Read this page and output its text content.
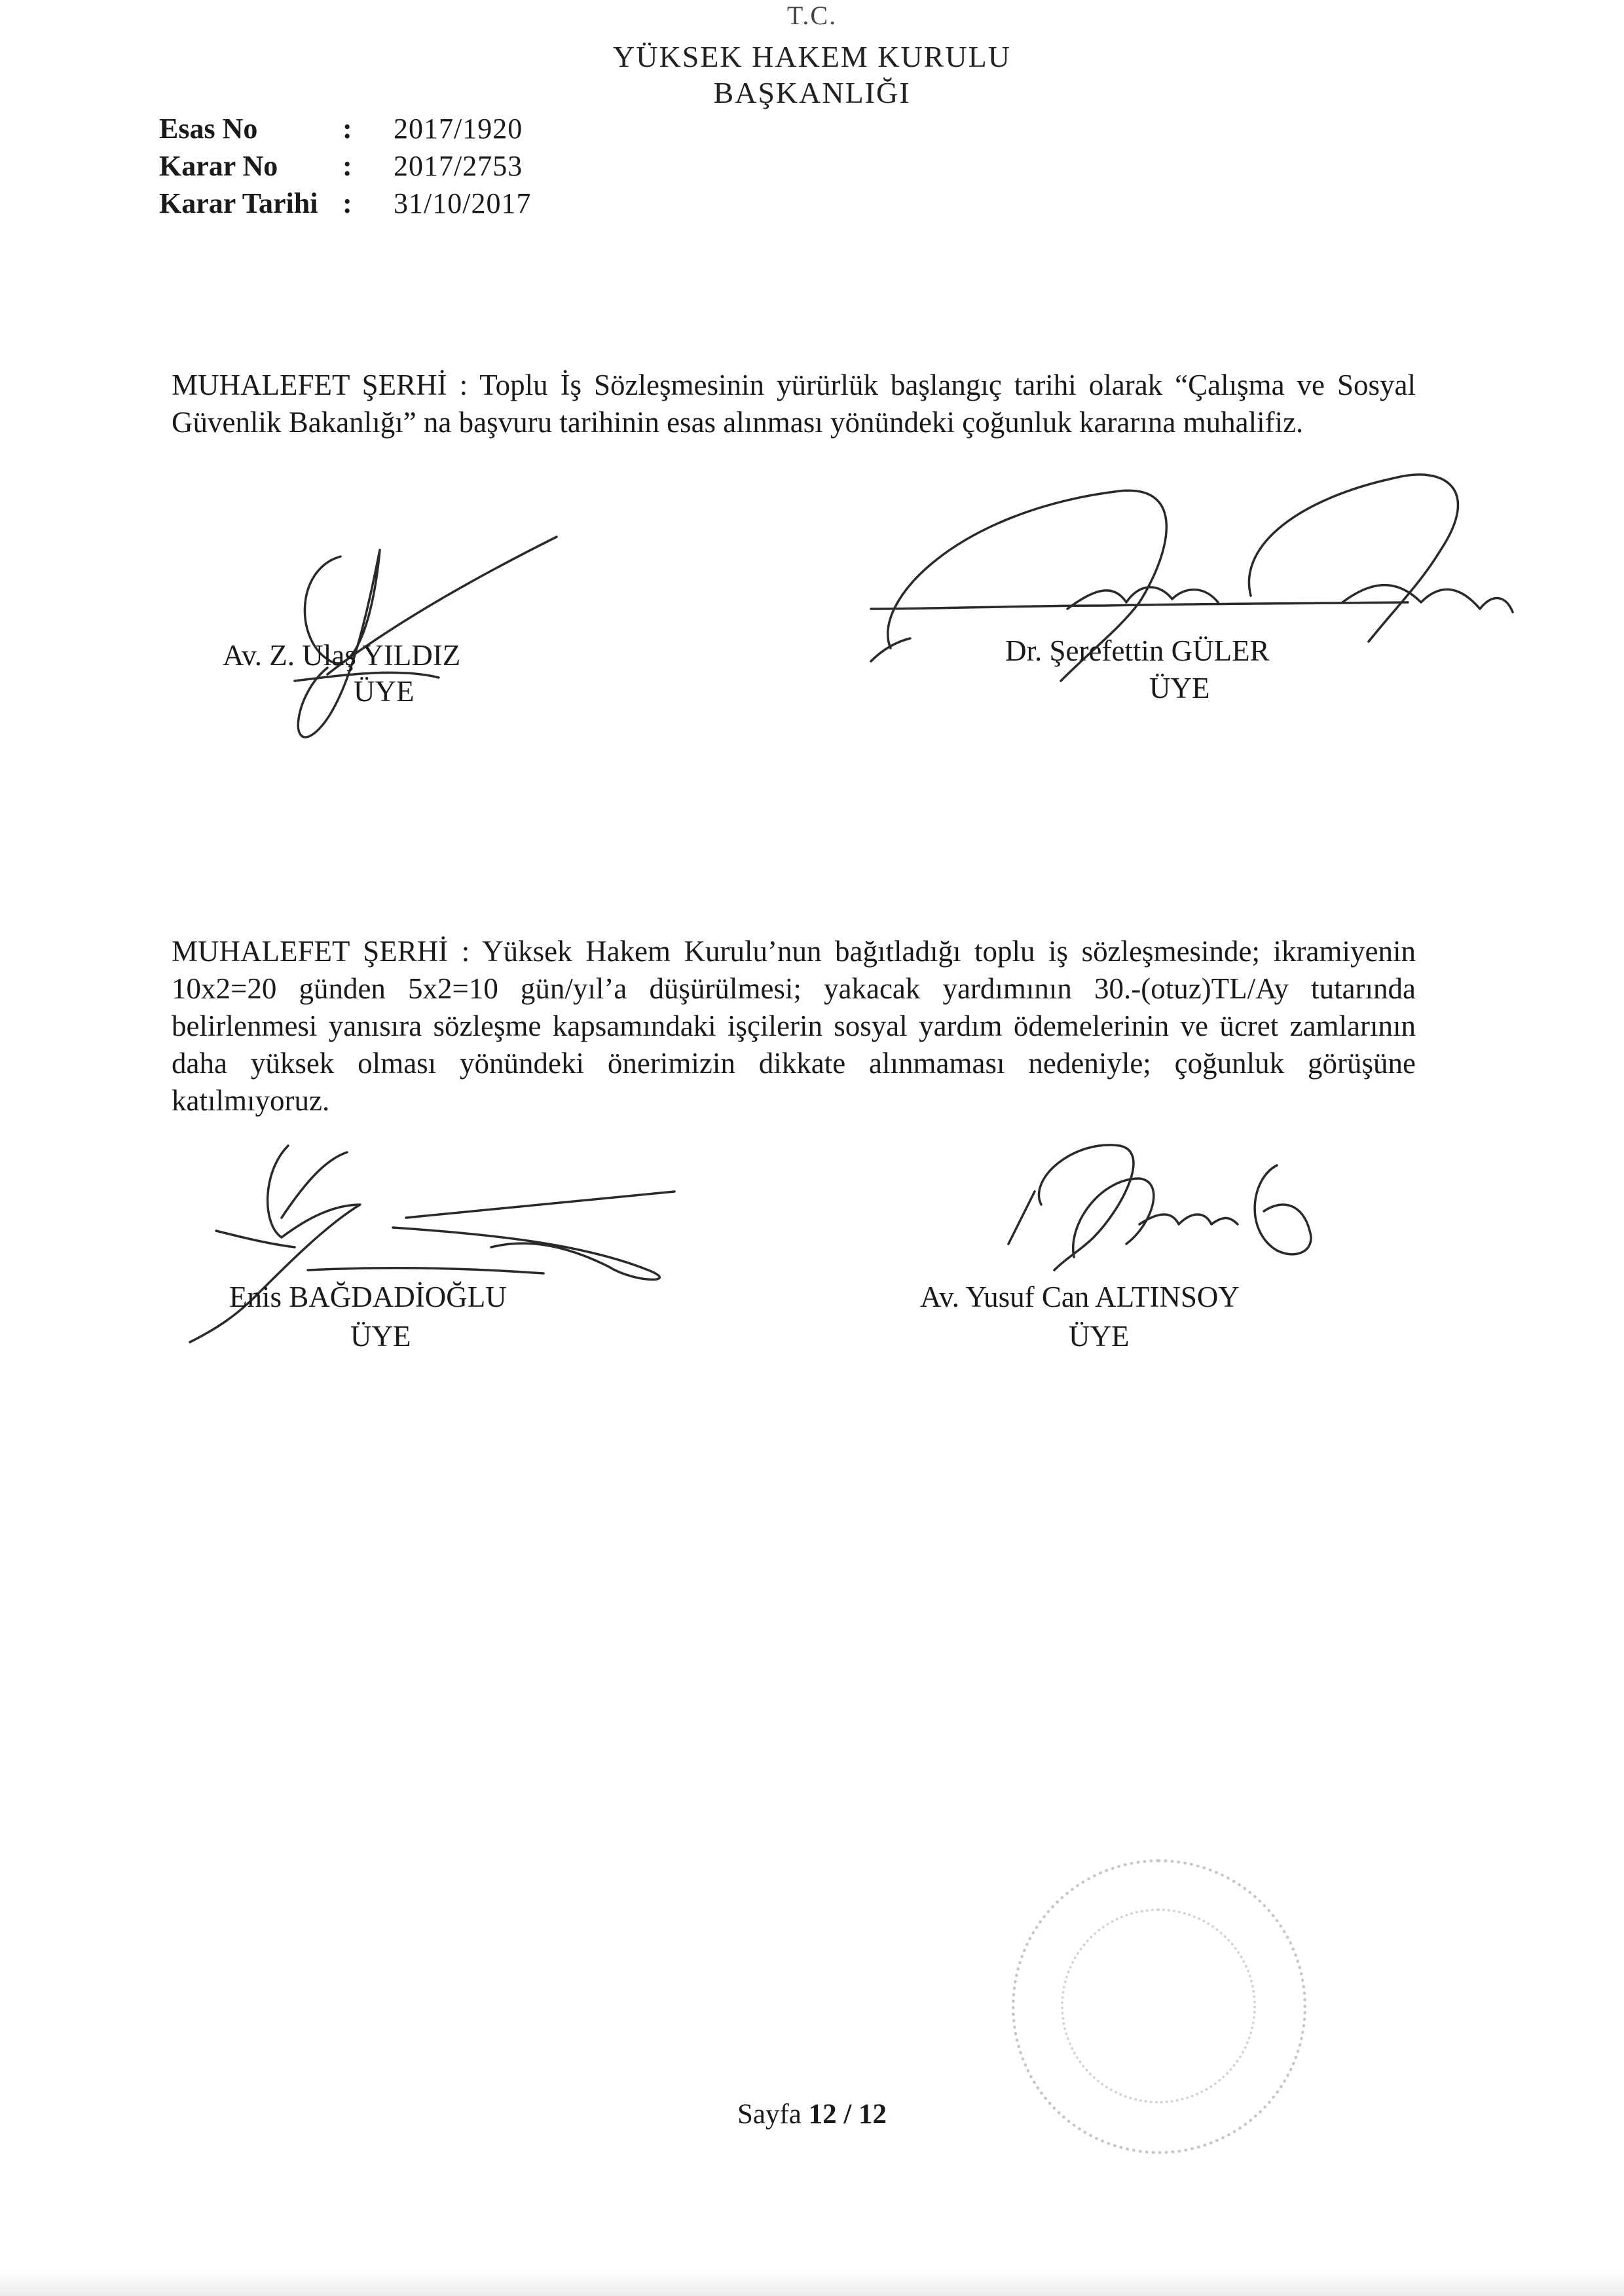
T.C.
YÜKSEK HAKEM KURULU
BAŞKANLIĞI
Esas No	:	2017/1920
Karar No	:	2017/2753
Karar Tarihi :	31/10/2017
MUHALEFET ŞERHİ : Toplu İş Sözleşmesinin yürürlük başlangıç tarihi olarak “Çalışma ve Sosyal Güvenlik Bakanlığı” na başvuru tarihinin esas alınması yönündeki çoğunluk kararına muhalifiz.
Av. Z. Ulaş YILDIZ
ÜYE
Dr. Şerefettin GÜLER
ÜYE
MUHALEFET ŞERHİ : Yüksek Hakem Kurulu’nun bağıtladığı toplu iş sözleşmesinde; ikramiyenin 10x2=20 günden 5x2=10 gün/yıl’a düşürülmesi; yakacak yardımının 30.-(otuz)TL/Ay tutarında belirlenmesi yanısıra sözleşme kapsamındaki işçilerin sosyal yardım ödemelerinin ve ücret zamlarının daha yüksek olması yönündeki önerimizin dikkate alınmaması nedeniyle; çoğunluk görüşüne katılmıyoruz.
Enis BAĞDADİOĞLU
ÜYE
Av. Yusuf Can ALTINSOY
ÜYE
Sayfa 12 / 12
